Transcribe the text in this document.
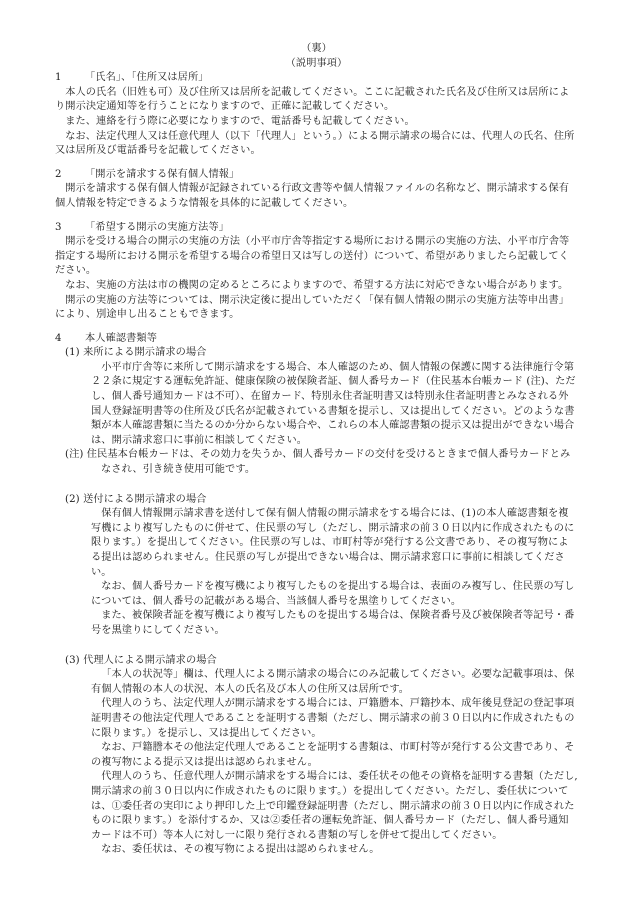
（裏）

（説明事項）

1 「氏名」、「住所又は居所」

本人の氏名（旧姓も可）及び住所又は居所を記載してください。ここに記載された氏名及び住所又は居所により開示決定通知等を行うことになりますので、正確に記載してください。

また、連絡を行う際に必要になりますので、電話番号も記載してください。

なお、法定代理人又は任意代理人（以下「代理人」という。）による開示請求の場合には、代理人の氏名、住所又は居所及び電話番号を記載してください。

2 「開示を請求する保有個人情報」

開示を請求する保有個人情報が記録されている行政文書等や個人情報ファイルの名称など、開示請求する保有個人情報を特定できるような情報を具体的に記載してください。

3 「希望する開示の実施方法等」

開示を受ける場合の開示の実施の方法（小平市庁舎等指定する場所における開示の実施の方法、小平市庁舎等指定する場所における開示を希望する場合の希望日又は写しの送付）について、希望がありましたら記載してください。

なお、実施の方法は市の機関の定めるところによりますので、希望する方法に対応できない場合があります。

開示の実施の方法等については、開示決定後に提出していただく「保有個人情報の開示の実施方法等申出書」により、別途申し出ることもできます。

4 本人確認書類等

(1) 来所による開示請求の場合

小平市庁舎等に来所して開示請求をする場合、本人確認のため、個人情報の保護に関する法律施行令第２２条に規定する運転免許証、健康保険の被保険者証、個人番号カード（住民基本台帳カード (注)、ただし、個人番号通知カードは不可）、在留カード、特別永住者証明書又は特別永住者証明書とみなされる外国人登録証明書等の住所及び氏名が記載されている書類を提示し、又は提出してください。どのような書類が本人確認書類に当たるのか分からない場合や、これらの本人確認書類の提示又は提出ができない場合は、開示請求窓口に事前に相談してください。

(注) 住民基本台帳カードは、その効力を失うか、個人番号カードの交付を受けるときまで個人番号カードとみなされ、引き続き使用可能です。

(2) 送付による開示請求の場合

保有個人情報開示請求書を送付して保有個人情報の開示請求をする場合には、(1)の本人確認書類を複写機により複写したものに併せて、住民票の写し（ただし、開示請求の前３０日以内に作成されたものに限ります。）を提出してください。住民票の写しは、市町村等が発行する公文書であり、その複写物による提出は認められません。住民票の写しが提出できない場合は、開示請求窓口に事前に相談してください。

なお、個人番号カードを複写機により複写したものを提出する場合は、表面のみ複写し、住民票の写しについては、個人番号の記載がある場合、当該個人番号を黒塗りしてください。

また、被保険者証を複写機により複写したものを提出する場合は、保険者番号及び被保険者等記号・番号を黒塗りにしてください。

(3) 代理人による開示請求の場合

「本人の状況等」欄は、代理人による開示請求の場合にのみ記載してください。必要な記載事項は、保有個人情報の本人の状況、本人の氏名及び本人の住所又は居所です。

代理人のうち、法定代理人が開示請求をする場合には、戸籍謄本、戸籍抄本、成年後見登記の登記事項証明書その他法定代理人であることを証明する書類（ただし、開示請求の前３０日以内に作成されたものに限ります。）を提示し、又は提出してください。

なお、戸籍謄本その他法定代理人であることを証明する書類は、市町村等が発行する公文書であり、その複写物による提示又は提出は認められません。

代理人のうち、任意代理人が開示請求をする場合には、委任状その他その資格を証明する書類（ただし,開示請求の前３０日以内に作成されたものに限ります。）を提出してください。ただし、委任状については、①委任者の実印により押印した上で印鑑登録証明書（ただし、開示請求の前３０日以内に作成されたものに限ります。）を添付するか、又は②委任者の運転免許証、個人番号カード（ただし、個人番号通知カードは不可）等本人に対し一に限り発行される書類の写しを併せて提出してください。

なお、委任状は、その複写物による提出は認められません。
